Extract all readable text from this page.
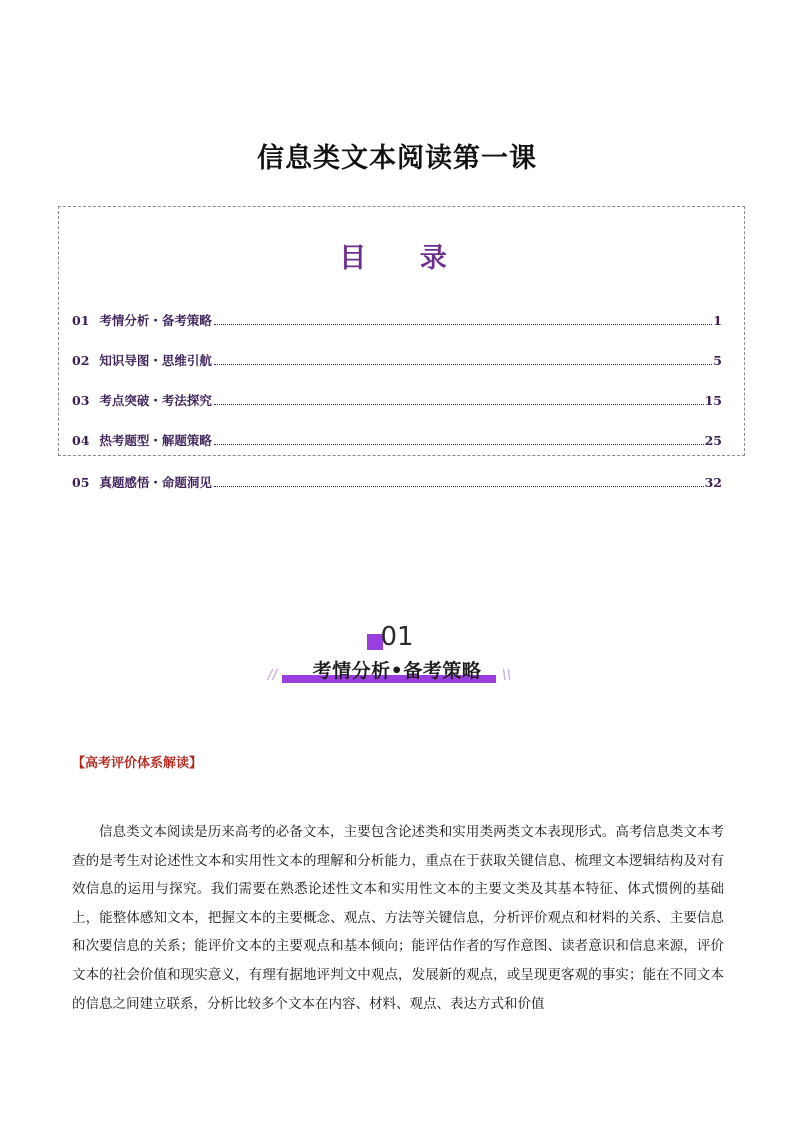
信息类文本阅读第一课
目 录
01 考情分析・备考策略	1
02 知识导图・思维引航	5
03 考点突破・考法探究	15
04 热考题型・解题策略	25
05 真题感悟・命题洞见	32
01
//	考情分析•备考策略	\\
【高考评价体系解读】
信息类文本阅读是历来高考的必备文本，主要包含论述类和实用类两类文本表现形式。高考信息类文本考查的是考生对论述性文本和实用性文本的理解和分析能力，重点在于获取关键信息、梳理文本逻辑结构及对有效信息的运用与探究。我们需要在熟悉论述性文本和实用性文本的主要文类及其基本特征、体式惯例的基础上，能整体感知文本，把握文本的主要概念、观点、方法等关键信息，分析评价观点和材料的关系、主要信息和次要信息的关系；能评价文本的主要观点和基本倾向；能评估作者的写作意图、读者意识和信息来源，评价文本的社会价值和现实意义，有理有据地评判文中观点，发展新的观点，或呈现更客观的事实；能在不同文本的信息之间建立联系，分析比较多个文本在内容、材料、观点、表达方式和价值
